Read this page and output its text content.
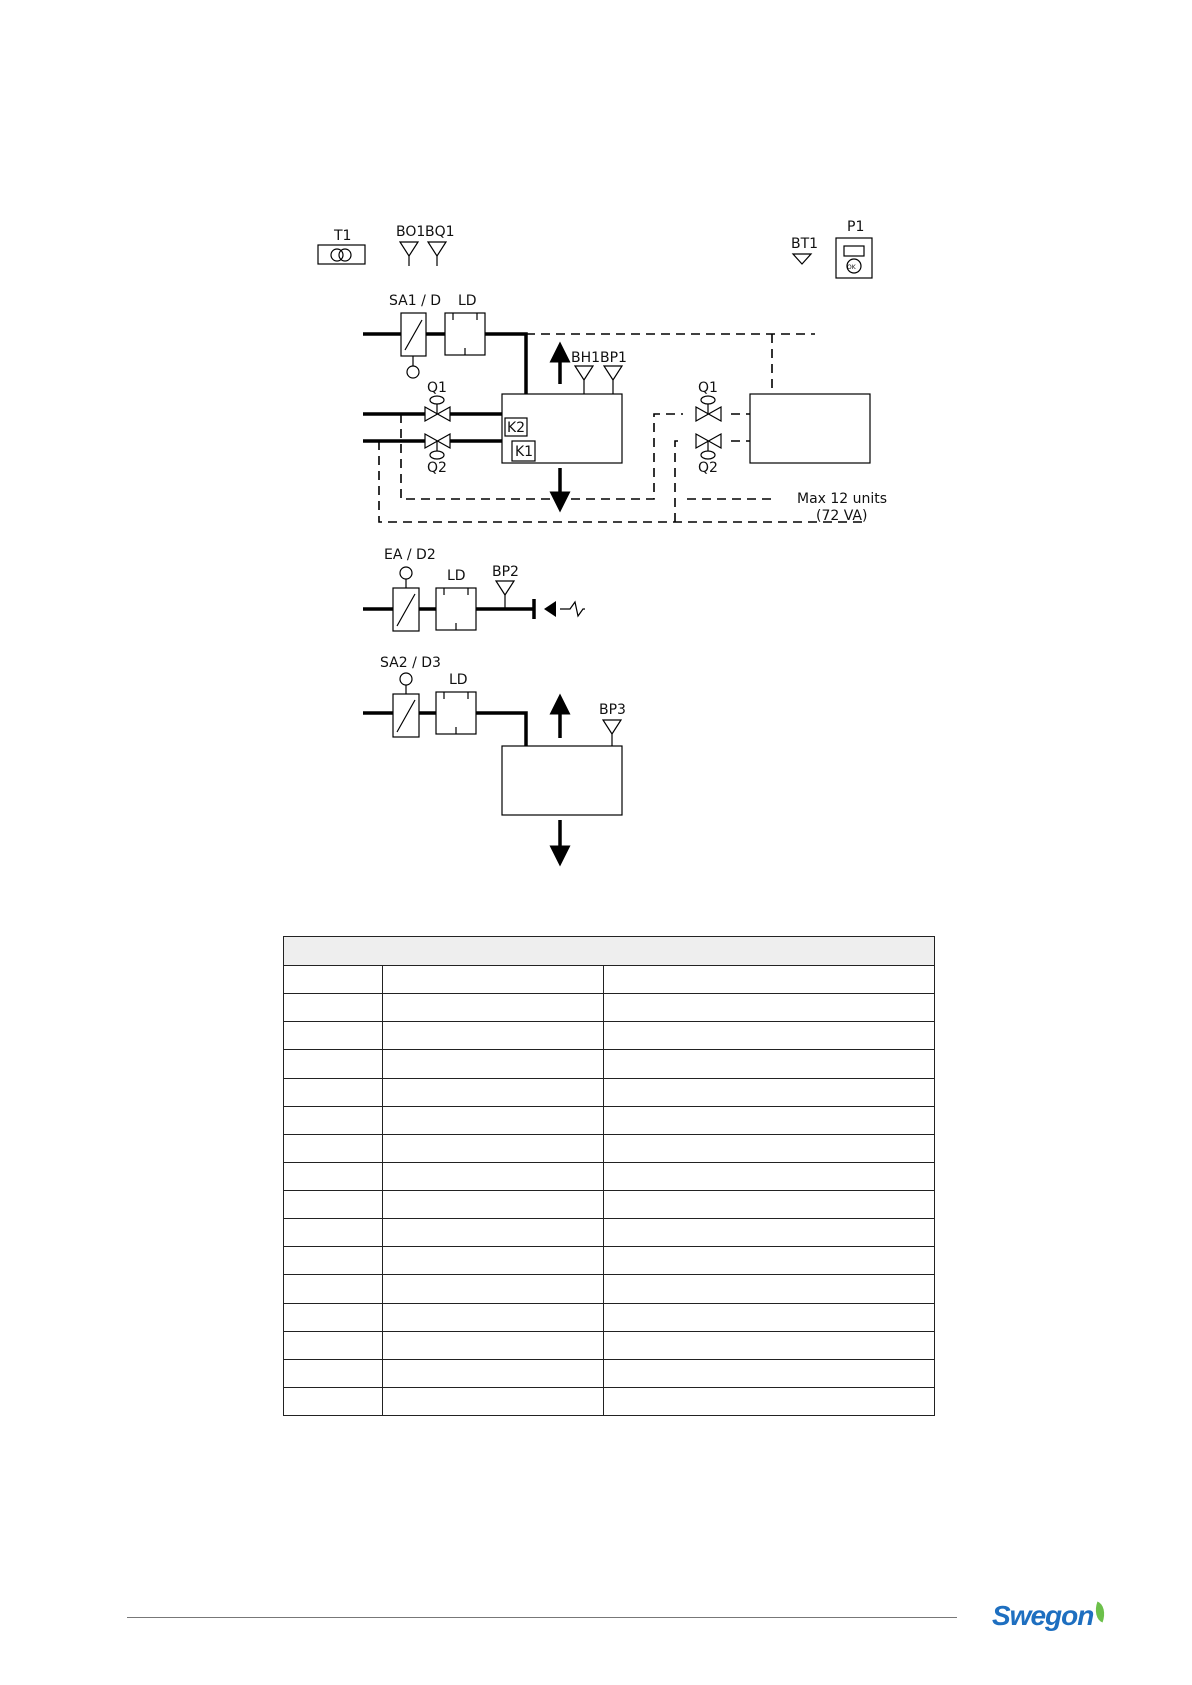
T1	BO1 BQ1
BT1
OK
P1
SA1 / D LD
BH1 BP1
K2
K1
Q1
Q2
Q1
Q2
Max 12 units
(72 VA)
EA / D2
LD BP2
SA2 / D3
LD
BP3

Swegon
